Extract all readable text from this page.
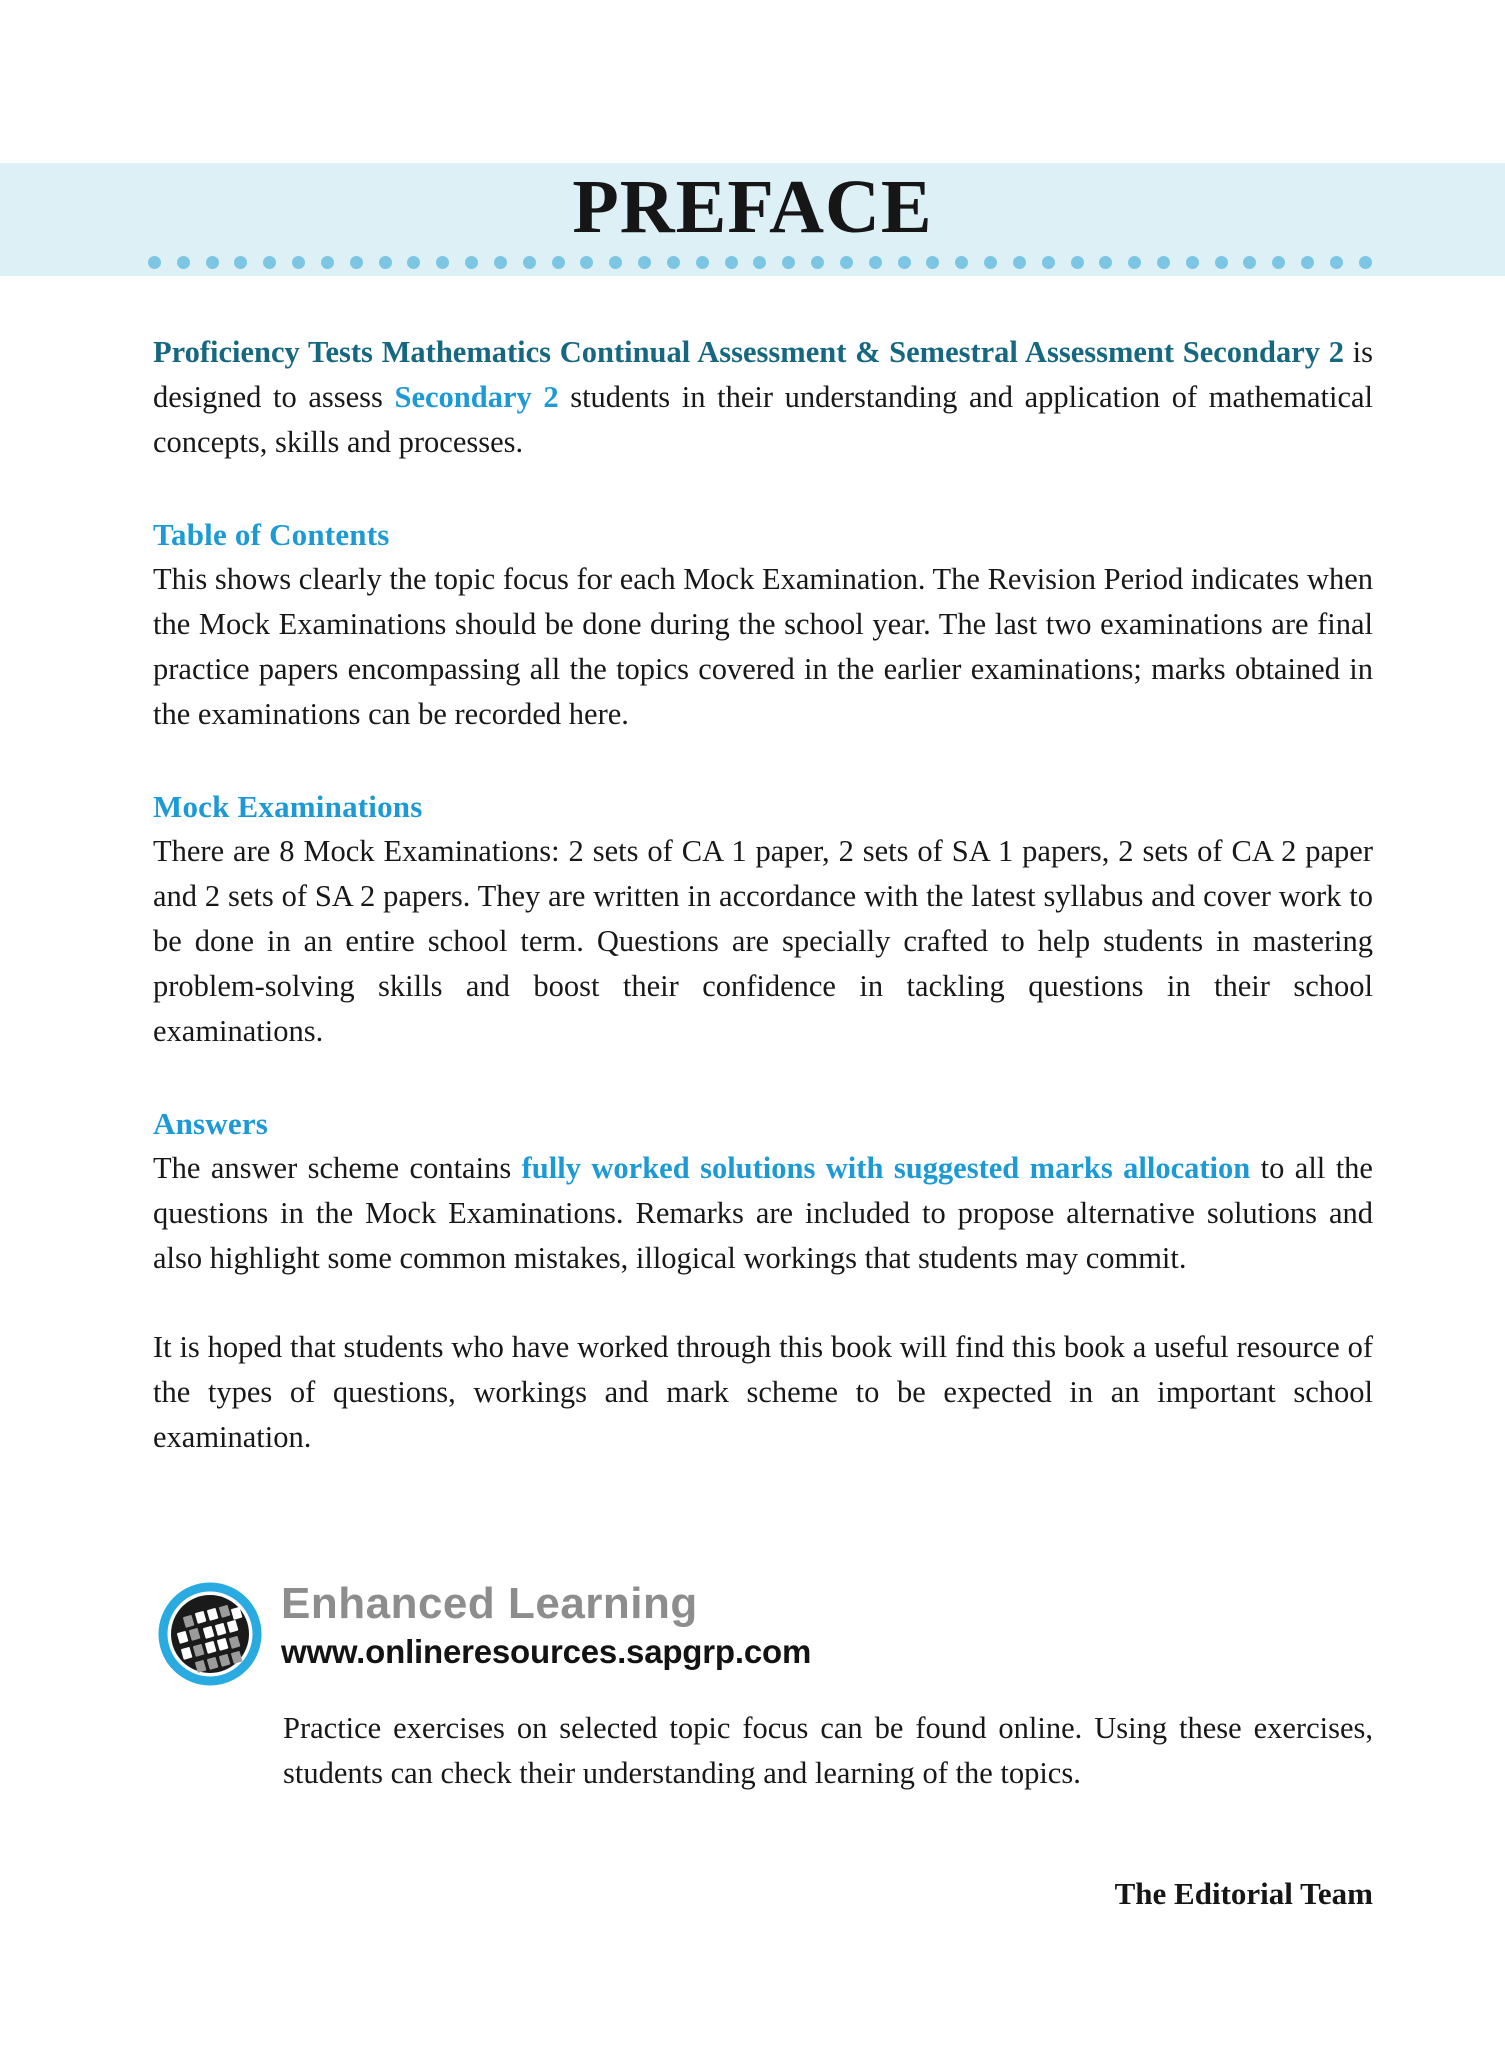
PREFACE

Proficiency Tests Mathematics Continual Assessment & Semestral Assessment Secondary 2 is designed to assess Secondary 2 students in their understanding and application of mathematical concepts, skills and processes.

Table of Contents

This shows clearly the topic focus for each Mock Examination. The Revision Period indicates when the Mock Examinations should be done during the school year. The last two examinations are final practice papers encompassing all the topics covered in the earlier examinations; marks obtained in the examinations can be recorded here.

Mock Examinations

There are 8 Mock Examinations: 2 sets of CA 1 paper, 2 sets of SA 1 papers, 2 sets of CA 2 paper and 2 sets of SA 2 papers. They are written in accordance with the latest syllabus and cover work to be done in an entire school term. Questions are specially crafted to help students in mastering problem-solving skills and boost their confidence in tackling questions in their school examinations.

Answers

The answer scheme contains fully worked solutions with suggested marks allocation to all the questions in the Mock Examinations. Remarks are included to propose alternative solutions and also highlight some common mistakes, illogical workings that students may commit.

It is hoped that students who have worked through this book will find this book a useful resource of the types of questions, workings and mark scheme to be expected in an important school examination.

Enhanced Learning
www.onlineresources.sapgrp.com

Practice exercises on selected topic focus can be found online. Using these exercises, students can check their understanding and learning of the topics.

The Editorial Team
